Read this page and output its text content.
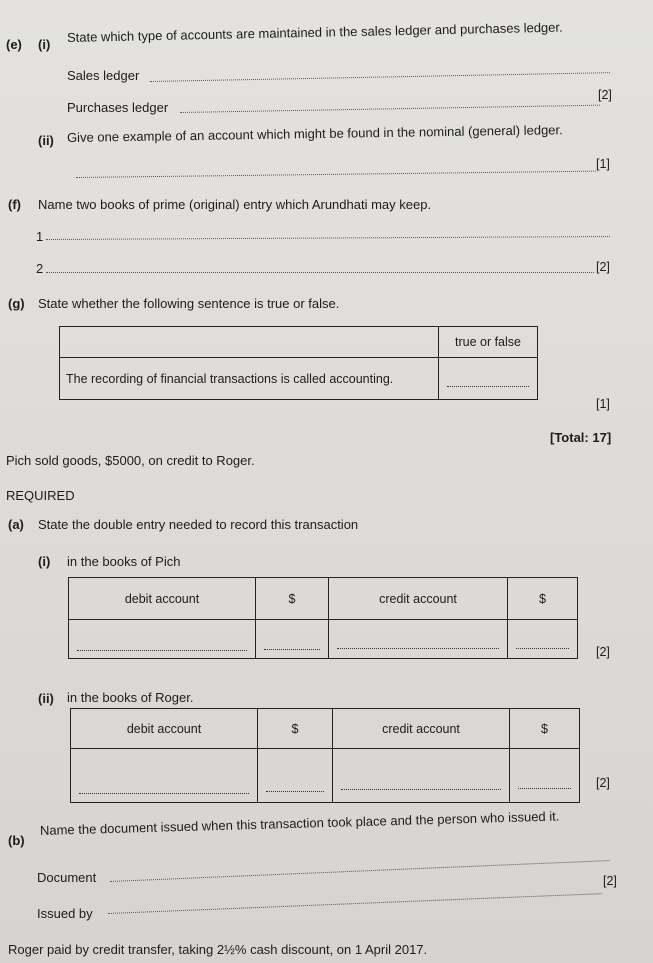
(e) (i) State which type of accounts are maintained in the sales ledger and purchases ledger.
Sales ledger
Purchases ledger
[2]
(ii) Give one example of an account which might be found in the nominal (general) ledger.
[1]
(f) Name two books of prime (original) entry which Arundhati may keep.
1
2	[2]
(g) State whether the following sentence is true or false.
	true or false
The recording of financial transactions is called accounting.	
[1]
[Total: 17]
Pich sold goods, $5000, on credit to Roger.
REQUIRED
(a) State the double entry needed to record this transaction
(i) in the books of Pich
debit account	$	credit account	$

[2]
(ii) in the books of Roger.
debit account	$	credit account	$

[2]
(b)
Name the document issued when this transaction took place and the person who issued it.
Document
Issued by
[2]
Roger paid by credit transfer, taking 2½% cash discount, on 1 April 2017.
